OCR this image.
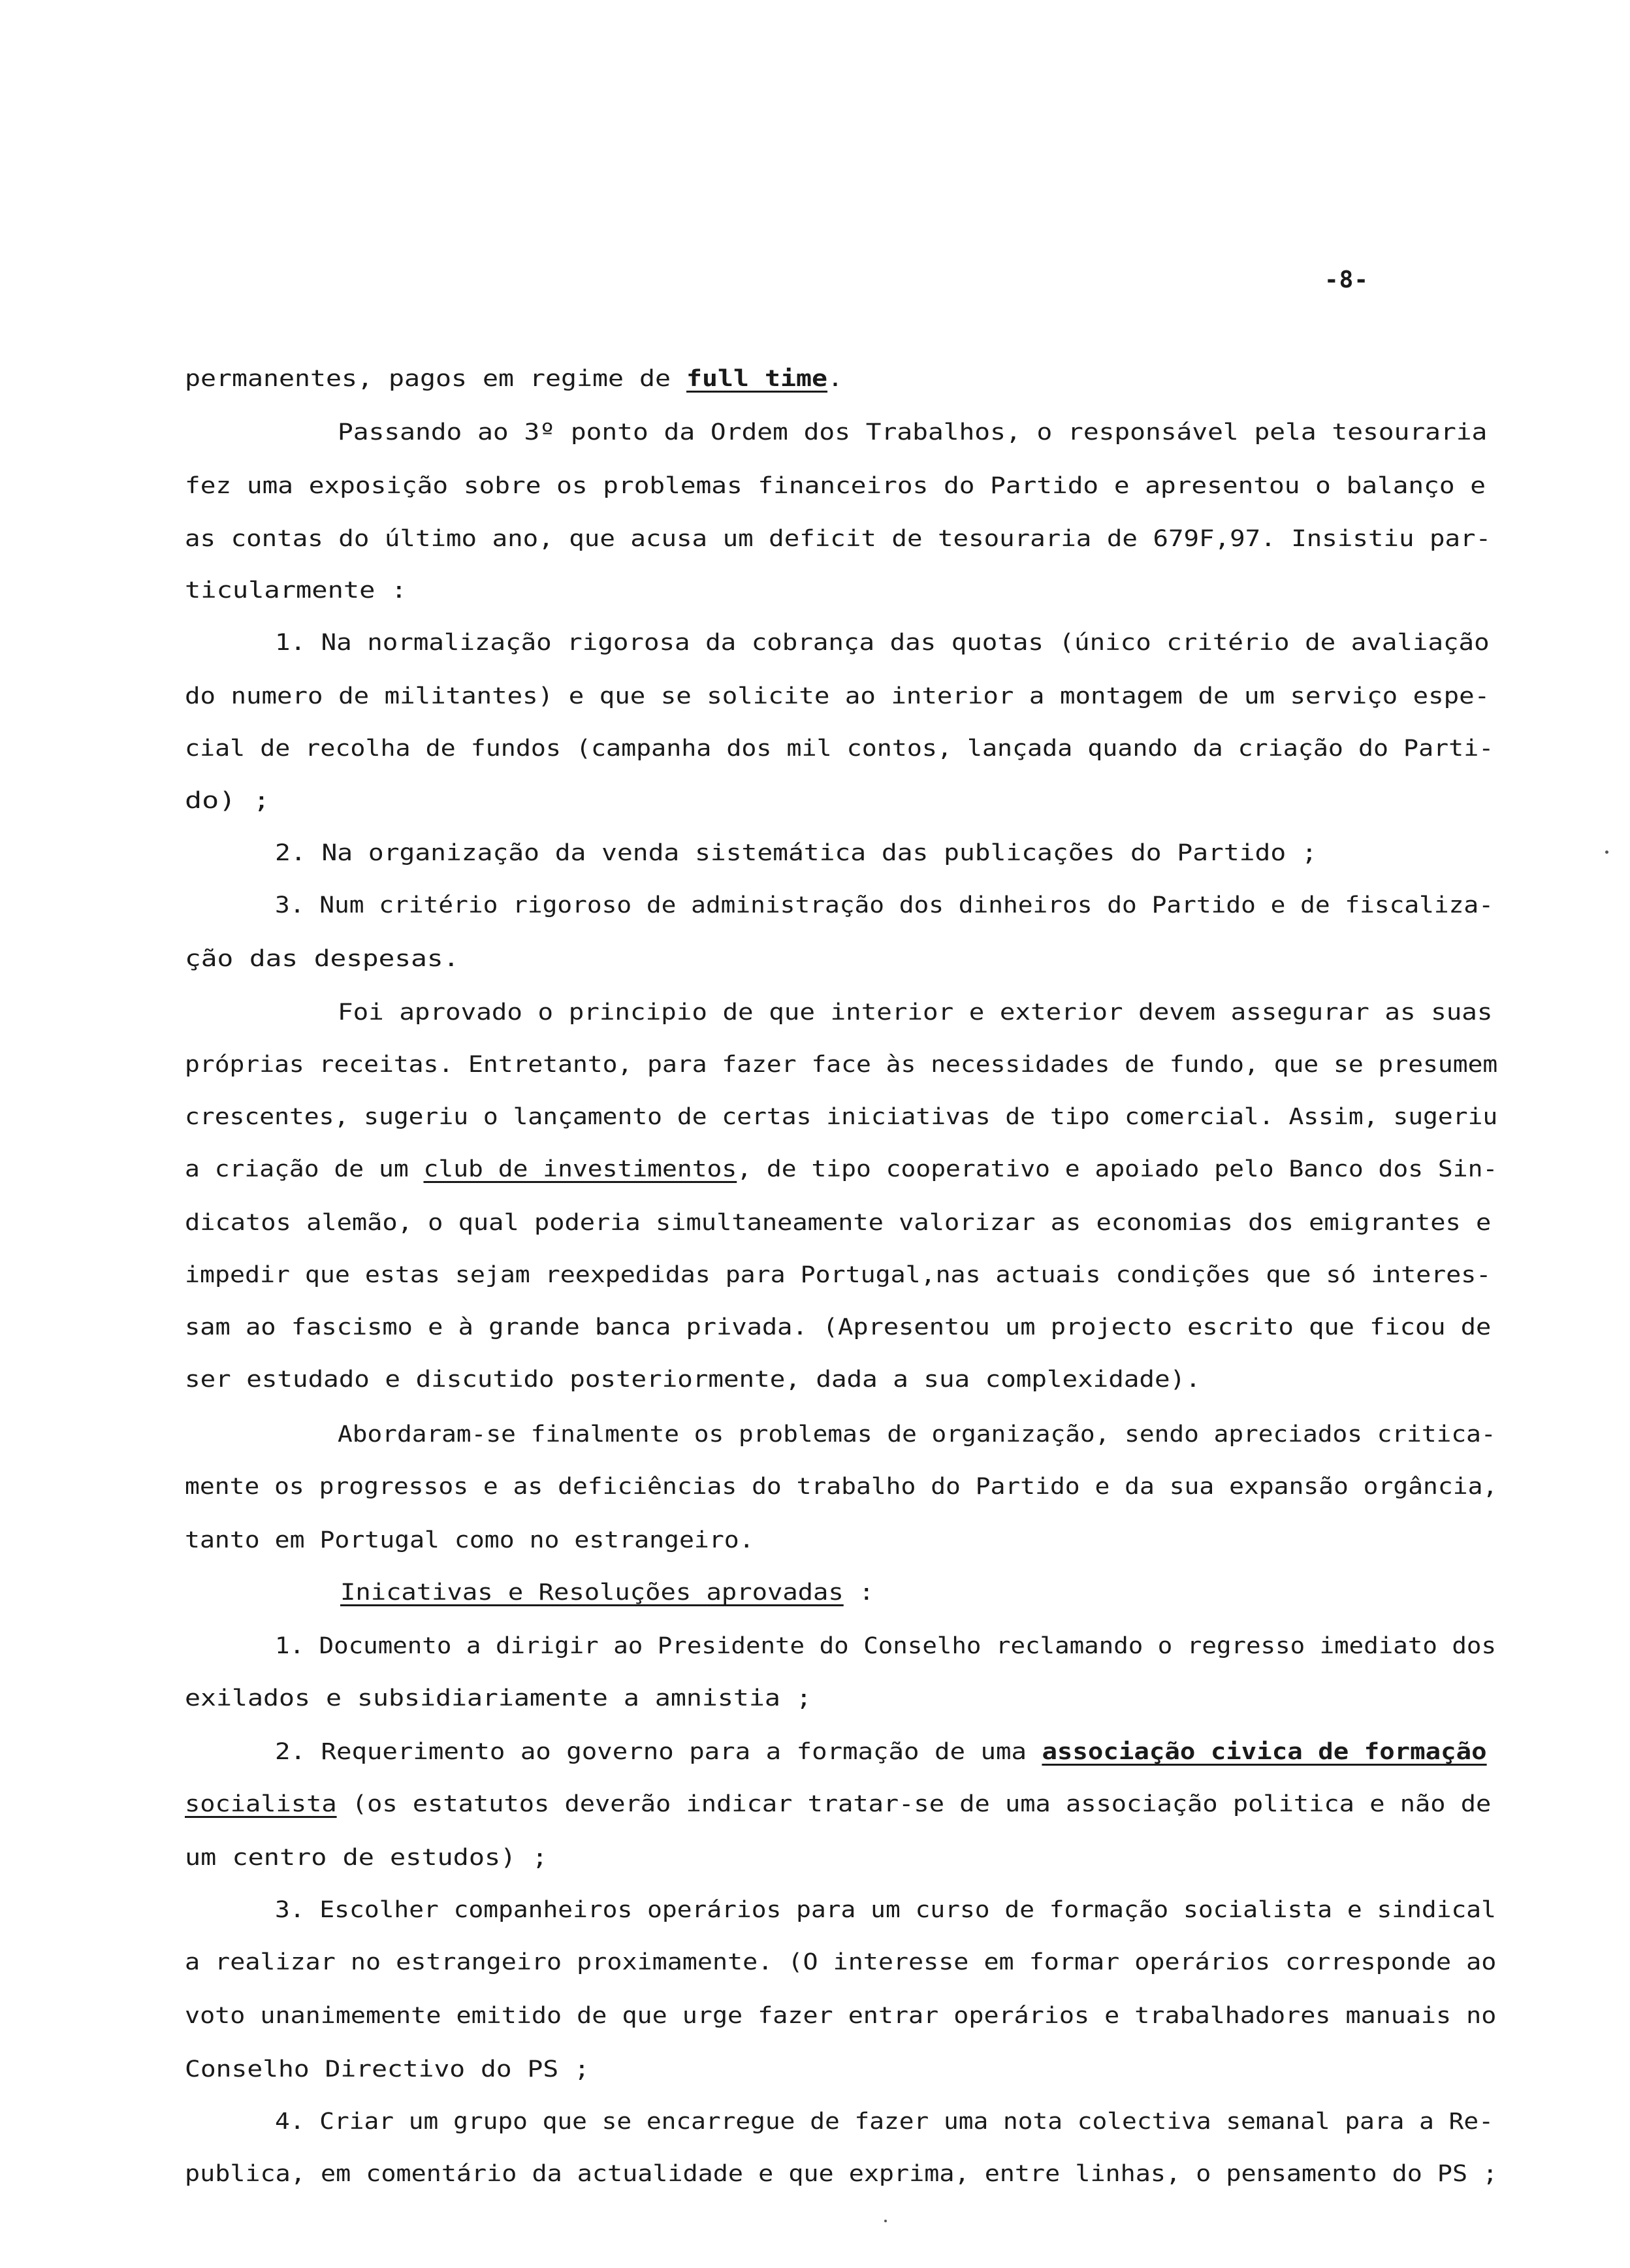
-8-
permanentes, pagos em regime de full time.
Passando ao 3º ponto da Ordem dos Trabalhos, o responsável pela tesouraria
fez uma exposição sobre os problemas financeiros do Partido e apresentou o balanço e
as contas do último ano, que acusa um deficit de tesouraria de 679F,97. Insistiu par-
ticularmente :
1. Na normalização rigorosa da cobrança das quotas (único critério de avaliação
do numero de militantes) e que se solicite ao interior a montagem de um serviço espe-
cial de recolha de fundos (campanha dos mil contos, lançada quando da criação do Parti-
do) ;
2. Na organização da venda sistemática das publicações do Partido ;
3. Num critério rigoroso de administração dos dinheiros do Partido e de fiscaliza-
ção das despesas.
Foi aprovado o principio de que interior e exterior devem assegurar as suas
próprias receitas. Entretanto, para fazer face às necessidades de fundo, que se presumem
crescentes, sugeriu o lançamento de certas iniciativas de tipo comercial. Assim, sugeriu
a criação de um club de investimentos, de tipo cooperativo e apoiado pelo Banco dos Sin-
dicatos alemão, o qual poderia simultaneamente valorizar as economias dos emigrantes e
impedir que estas sejam reexpedidas para Portugal,nas actuais condições que só interes-
sam ao fascismo e à grande banca privada. (Apresentou um projecto escrito que ficou de
ser estudado e discutido posteriormente, dada a sua complexidade).
Abordaram-se finalmente os problemas de organização, sendo apreciados critica-
mente os progressos e as deficiências do trabalho do Partido e da sua expansão orgância,
tanto em Portugal como no estrangeiro.
Inicativas e Resoluções aprovadas :
1. Documento a dirigir ao Presidente do Conselho reclamando o regresso imediato dos
exilados e subsidiariamente a amnistia ;
2. Requerimento ao governo para a formação de uma associação civica de formação
socialista (os estatutos deverão indicar tratar-se de uma associação politica e não de
um centro de estudos) ;
3. Escolher companheiros operários para um curso de formação socialista e sindical
a realizar no estrangeiro proximamente. (O interesse em formar operários corresponde ao
voto unanimemente emitido de que urge fazer entrar operários e trabalhadores manuais no
Conselho Directivo do PS ;
4. Criar um grupo que se encarregue de fazer uma nota colectiva semanal para a Re-
publica, em comentário da actualidade e que exprima, entre linhas, o pensamento do PS ;
